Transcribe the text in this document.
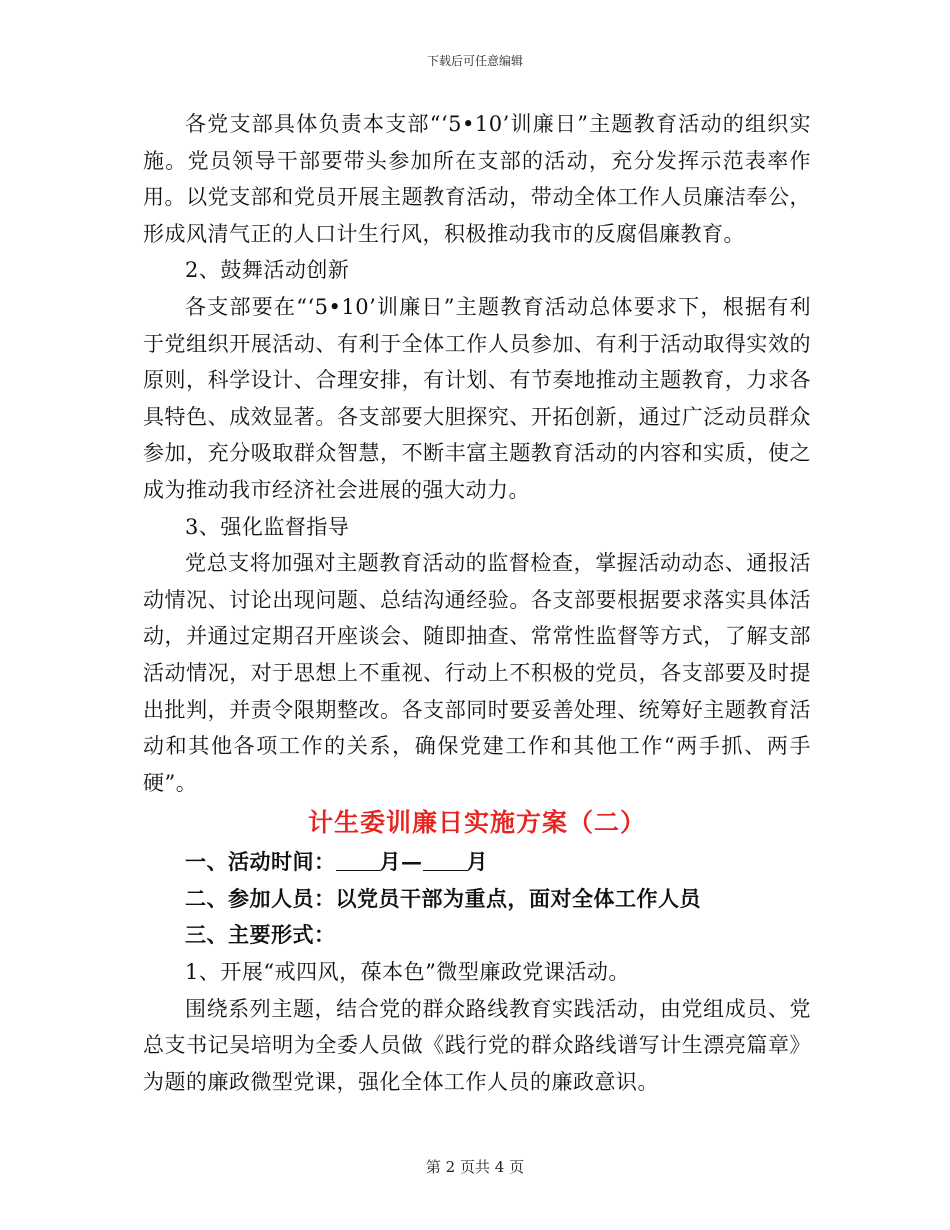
下载后可任意编辑

各党支部具体负责本支部“‘5•10’训廉日”主题教育活动的组织实施。党员领导干部要带头参加所在支部的活动，充分发挥示范表率作用。以党支部和党员开展主题教育活动，带动全体工作人员廉洁奉公，形成风清气正的人口计生行风，积极推动我市的反腐倡廉教育。

2、鼓舞活动创新

各支部要在“‘5•10’训廉日”主题教育活动总体要求下，根据有利于党组织开展活动、有利于全体工作人员参加、有利于活动取得实效的原则，科学设计、合理安排，有计划、有节奏地推动主题教育，力求各具特色、成效显著。各支部要大胆探究、开拓创新，通过广泛动员群众参加，充分吸取群众智慧，不断丰富主题教育活动的内容和实质，使之成为推动我市经济社会进展的强大动力。

3、强化监督指导

党总支将加强对主题教育活动的监督检查，掌握活动动态、通报活动情况、讨论出现问题、总结沟通经验。各支部要根据要求落实具体活动，并通过定期召开座谈会、随即抽查、常常性监督等方式，了解支部活动情况，对于思想上不重视、行动上不积极的党员，各支部要及时提出批判，并责令限期整改。各支部同时要妥善处理、统筹好主题教育活动和其他各项工作的关系，确保党建工作和其他工作“两手抓、两手硬”。

计生委训廉日实施方案（二）

一、活动时间： 月— 月

二、参加人员：以党员干部为重点，面对全体工作人员

三、主要形式：

1、开展“戒四风，葆本色”微型廉政党课活动。

围绕系列主题，结合党的群众路线教育实践活动，由党组成员、党总支书记吴培明为全委人员做《践行党的群众路线谱写计生漂亮篇章》为题的廉政微型党课，强化全体工作人员的廉政意识。

第 2 页共 4 页
